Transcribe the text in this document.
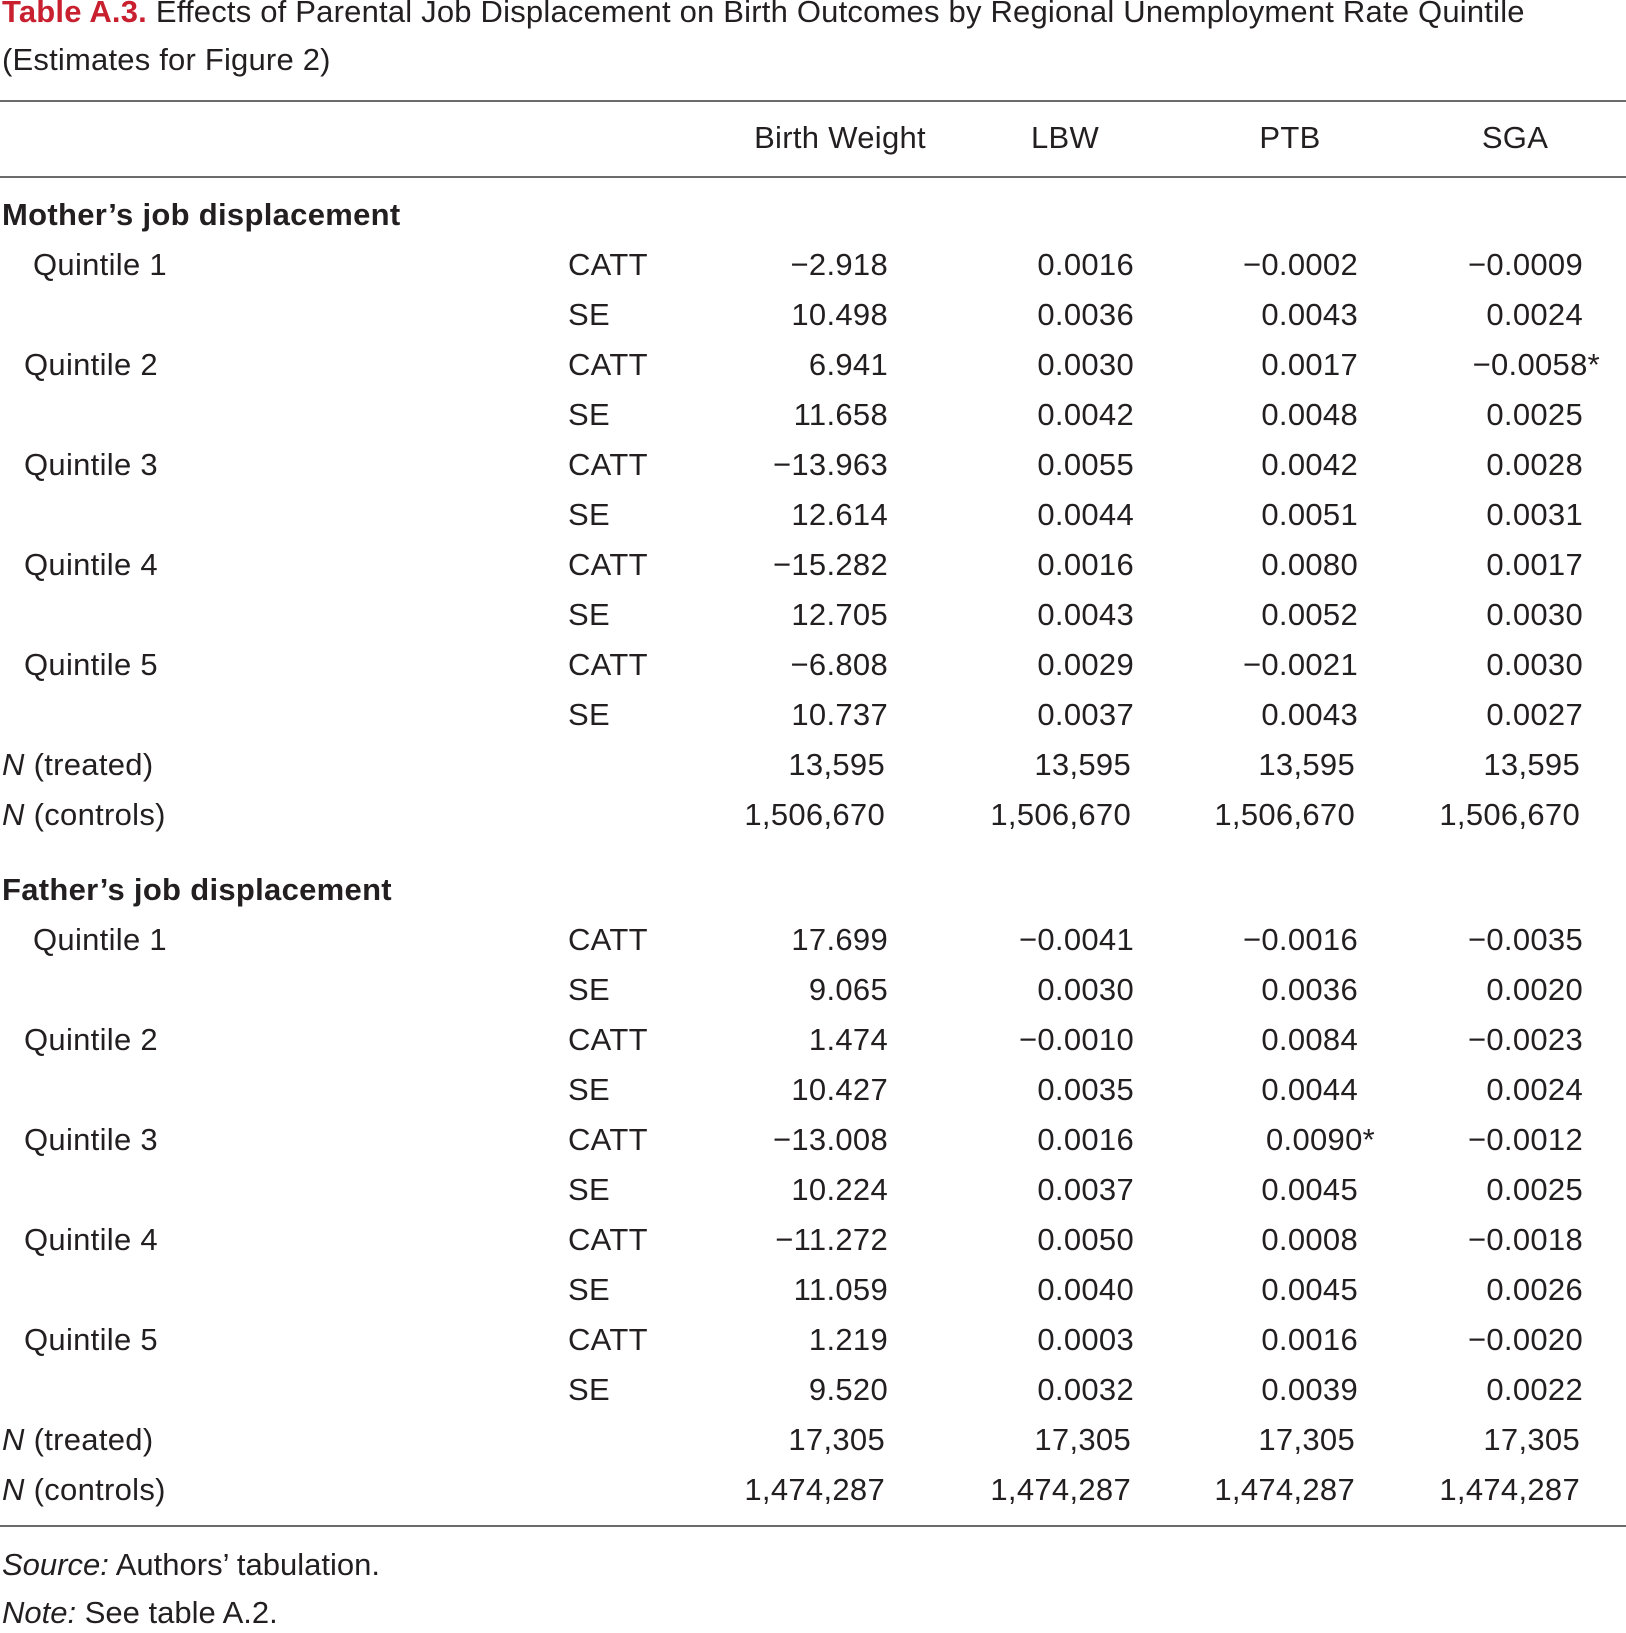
Table A.3. Effects of Parental Job Displacement on Birth Outcomes by Regional Unemployment Rate Quintile (Estimates for Figure 2)
Birth Weight	LBW	PTB	SGA
Mother’s job displacement
Quintile 1	CATT	−2.918	0.0016	−0.0002	−0.0009
SE	10.498	0.0036	0.0043	0.0024
Quintile 2	CATT	6.941	0.0030	0.0017	−0.0058*
SE	11.658	0.0042	0.0048	0.0025
Quintile 3	CATT	−13.963	0.0055	0.0042	0.0028
SE	12.614	0.0044	0.0051	0.0031
Quintile 4	CATT	−15.282	0.0016	0.0080	0.0017
SE	12.705	0.0043	0.0052	0.0030
Quintile 5	CATT	−6.808	0.0029	−0.0021	0.0030
SE	10.737	0.0037	0.0043	0.0027
N (treated)	13,595	13,595	13,595	13,595
N (controls)	1,506,670	1,506,670	1,506,670	1,506,670
Father’s job displacement
Quintile 1	CATT	17.699	−0.0041	−0.0016	−0.0035
SE	9.065	0.0030	0.0036	0.0020
Quintile 2	CATT	1.474	−0.0010	0.0084	−0.0023
SE	10.427	0.0035	0.0044	0.0024
Quintile 3	CATT	−13.008	0.0016	0.0090*	−0.0012
SE	10.224	0.0037	0.0045	0.0025
Quintile 4	CATT	−11.272	0.0050	0.0008	−0.0018
SE	11.059	0.0040	0.0045	0.0026
Quintile 5	CATT	1.219	0.0003	0.0016	−0.0020
SE	9.520	0.0032	0.0039	0.0022
N (treated)	17,305	17,305	17,305	17,305
N (controls)	1,474,287	1,474,287	1,474,287	1,474,287
Source: Authors’ tabulation.
Note: See table A.2.
